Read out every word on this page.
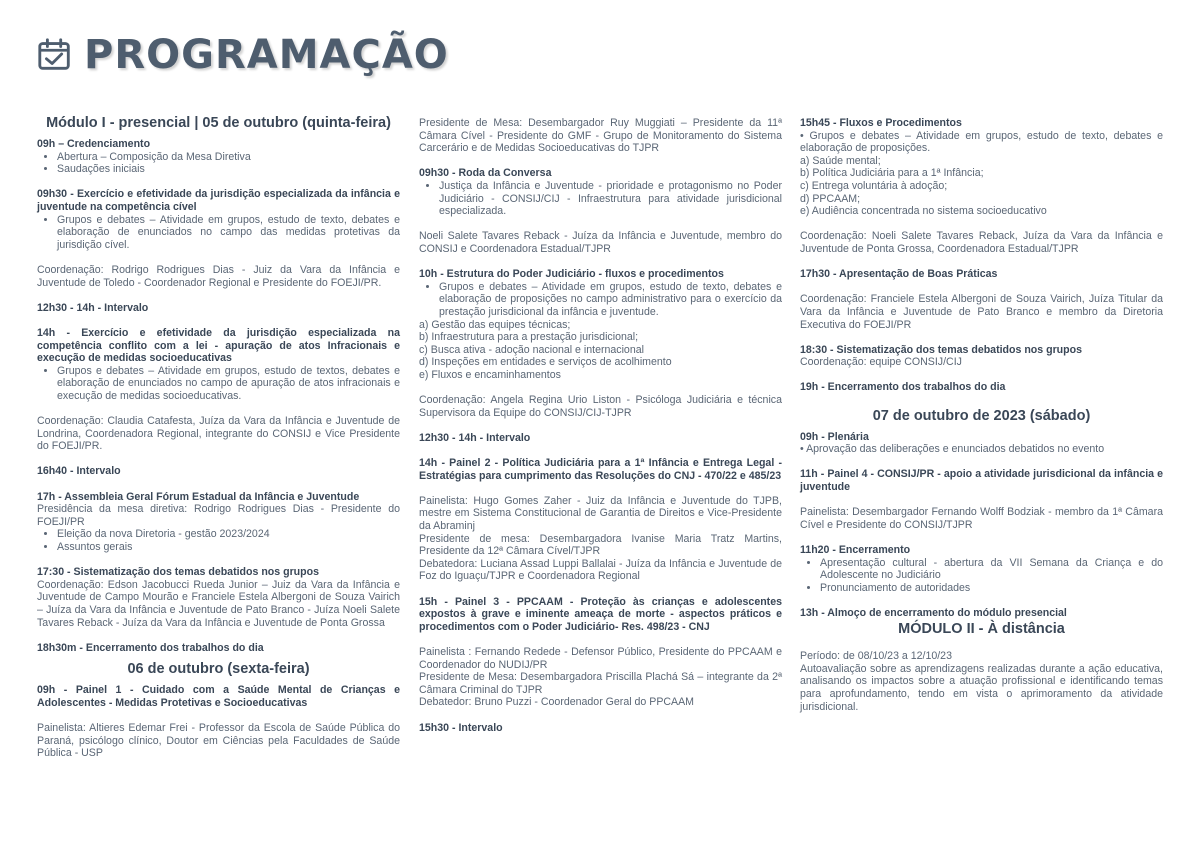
PROGRAMAÇÃO
Módulo I - presencial | 05 de outubro (quinta-feira)
09h – Credenciamento
• Abertura – Composição da Mesa Diretiva
• Saudações iniciais
09h30 - Exercício e efetividade da jurisdição especializada da infância e juventude na competência cível
• Grupos e debates – Atividade em grupos, estudo de texto, debates e elaboração de enunciados no campo das medidas protetivas da jurisdição cível.
Coordenação: Rodrigo Rodrigues Dias - Juiz da Vara da Infância e Juventude de Toledo - Coordenador Regional e Presidente do FOEJI/PR.
12h30 - 14h - Intervalo
14h - Exercício e efetividade da jurisdição especializada na competência conflito com a lei - apuração de atos Infracionais e execução de medidas socioeducativas
• Grupos e debates – Atividade em grupos, estudo de textos, debates e elaboração de enunciados no campo de apuração de atos infracionais e execução de medidas socioeducativas.
Coordenação: Claudia Catafesta, Juíza da Vara da Infância e Juventude de Londrina, Coordenadora Regional, integrante do CONSIJ e Vice Presidente do FOEJI/PR.
16h40 - Intervalo
17h - Assembleia Geral Fórum Estadual da Infância e Juventude
Presidência da mesa diretiva: Rodrigo Rodrigues Dias - Presidente do FOEJI/PR
• Eleição da nova Diretoria - gestão 2023/2024
• Assuntos gerais
17:30 - Sistematização dos temas debatidos nos grupos
Coordenação: Edson Jacobucci Rueda Junior – Juiz da Vara da Infância e Juventude de Campo Mourão e Franciele Estela Albergoni de Souza Vairich – Juíza da Vara da Infância e Juventude de Pato Branco - Juíza Noeli Salete Tavares Reback - Juíza da Vara da Infância e Juventude de Ponta Grossa
18h30m - Encerramento dos trabalhos do dia
06 de outubro (sexta-feira)
09h - Painel 1 - Cuidado com a Saúde Mental de Crianças e Adolescentes - Medidas Protetivas e Socioeducativas
Painelista: Altieres Edemar Frei - Professor da Escola de Saúde Pública do Paraná, psicólogo clínico, Doutor em Ciências pela Faculdades de Saúde Pública - USP
Presidente de Mesa: Desembargador Ruy Muggiati – Presidente da 11ª Câmara Cível - Presidente do GMF - Grupo de Monitoramento do Sistema Carcerário e de Medidas Socioeducativas do TJPR
09h30 - Roda da Conversa
• Justiça da Infância e Juventude - prioridade e protagonismo no Poder Judiciário - CONSIJ/CIJ - Infraestrutura para atividade jurisdicional especializada.
Noeli Salete Tavares Reback - Juíza da Infância e Juventude, membro do CONSIJ e Coordenadora Estadual/TJPR
10h - Estrutura do Poder Judiciário - fluxos e procedimentos
• Grupos e debates – Atividade em grupos, estudo de texto, debates e elaboração de proposições no campo administrativo para o exercício da prestação jurisdicional da infância e juventude.
a) Gestão das equipes técnicas;
b) Infraestrutura para a prestação jurisdicional;
c) Busca ativa - adoção nacional e internacional
d) Inspeções em entidades e serviços de acolhimento
e) Fluxos e encaminhamentos
Coordenação: Angela Regina Urio Liston - Psicóloga Judiciária e técnica Supervisora da Equipe do CONSIJ/CIJ-TJPR
12h30 - 14h - Intervalo
14h - Painel 2 - Política Judiciária para a 1ª Infância e Entrega Legal - Estratégias para cumprimento das Resoluções do CNJ - 470/22 e 485/23
Painelista: Hugo Gomes Zaher - Juiz da Infância e Juventude do TJPB, mestre em Sistema Constitucional de Garantia de Direitos e Vice-Presidente da Abraminj
Presidente de mesa: Desembargadora Ivanise Maria Tratz Martins, Presidente da 12ª Câmara Cível/TJPR
Debatedora: Luciana Assad Luppi Ballalai - Juíza da Infância e Juventude de Foz do Iguaçu/TJPR e Coordenadora Regional
15h - Painel 3 - PPCAAM - Proteção às crianças e adolescentes expostos à grave e iminente ameaça de morte - aspectos práticos e procedimentos com o Poder Judiciário- Res. 498/23 - CNJ
Painelista : Fernando Redede - Defensor Público, Presidente do PPCAAM e Coordenador do NUDIJ/PR
Presidente de Mesa: Desembargadora Priscilla Plachá Sá – integrante da 2ª Câmara Criminal do TJPR
Debatedor: Bruno Puzzi - Coordenador Geral do PPCAAM
15h30 - Intervalo
15h45 - Fluxos e Procedimentos
• Grupos e debates – Atividade em grupos, estudo de texto, debates e elaboração de proposições.
a) Saúde mental;
b) Política Judiciária para a 1ª Infância;
c) Entrega voluntária à adoção;
d) PPCAAM;
e) Audiência concentrada no sistema socioeducativo
Coordenação: Noeli Salete Tavares Reback, Juíza da Vara da Infância e Juventude de Ponta Grossa, Coordenadora Estadual/TJPR
17h30 - Apresentação de Boas Práticas
Coordenação: Franciele Estela Albergoni de Souza Vairich, Juíza Titular da Vara da Infância e Juventude de Pato Branco e membro da Diretoria Executiva do FOEJI/PR
18:30 - Sistematização dos temas debatidos nos grupos
Coordenação: equipe CONSIJ/CIJ
19h - Encerramento dos trabalhos do dia
07 de outubro de 2023 (sábado)
09h - Plenária
• Aprovação das deliberações e enunciados debatidos no evento
11h - Painel 4 - CONSIJ/PR - apoio a atividade jurisdicional da infância e juventude
Painelista: Desembargador Fernando Wolff Bodziak - membro da 1ª Câmara Cível e Presidente do CONSIJ/TJPR
11h20 - Encerramento
• Apresentação cultural - abertura da VII Semana da Criança e do Adolescente no Judiciário
• Pronunciamento de autoridades
13h - Almoço de encerramento do módulo presencial
MÓDULO II - À distância
Período: de 08/10/23 a 12/10/23
Autoavaliação sobre as aprendizagens realizadas durante a ação educativa, analisando os impactos sobre a atuação profissional e identificando temas para aprofundamento, tendo em vista o aprimoramento da atividade jurisdicional.
